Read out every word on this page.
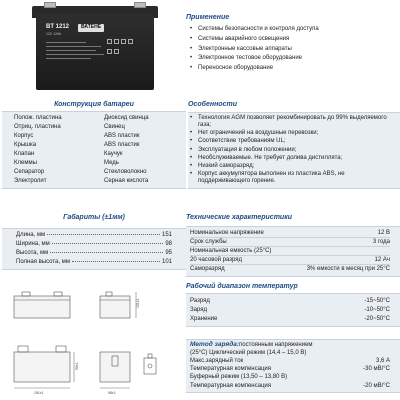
BT 1212
12V 12Ah
ВАТЕНЕ
Конструкция батареи
Полож. пластина	Диоксид свинца
Отриц. пластина	Свинец
Корпус	ABS пластик
Крышка	ABS пластик
Клапан	Каучук
Клеммы	Медь
Сепаратор	Стекловолокно
Электролит	Серная кислота
Габариты (±1мм)
Длина, мм	151
Ширина, мм	98
Высота, мм	95
Полная высота, мм	101
101±1
151±1
95±1
98±1
Применение
• Системы безопасности и контроля доступа
• Системы аварийного освещения
• Электронные кассовые аппараты
• Электронное тестовое оборудование
• Переносное оборудование
Особенности
• Технология AGM позволяет рекомбинировать до 99% выделяемого газа;
• Нет ограничений на воздушные перевозки;
• Соответствие требованиям UL;
• Эксплуатация в любом положении;
• Необслуживаемые. Не требует долива дистиллята;
• Низкий саморазряд;
• Корпус аккумулятора выполнен из пластика ABS, не поддерживающего горение.
Технические характеристики
Номинальное напряжение	12 В
Срок службы	3 года
Номинальная емкость (25°С)
20 часовой разряд	12 Ач
Саморазряд	3% емкости в месяц при 25°С
Рабочий диапазон температур
Разряд	-15~50°С
Заряд	-10~50°С
Хранение	-20~50°С
Метод заряда: постоянным напряжением
(25°С) Циклический режим (14,4 – 15,0 В)
Макс.зарядный ток	3,6 А
Температурная компенсация	-30 мВ/°С
Буферный режим (13,50 – 13,80 В)
Температурная компенсация	-20 мВ/°С
